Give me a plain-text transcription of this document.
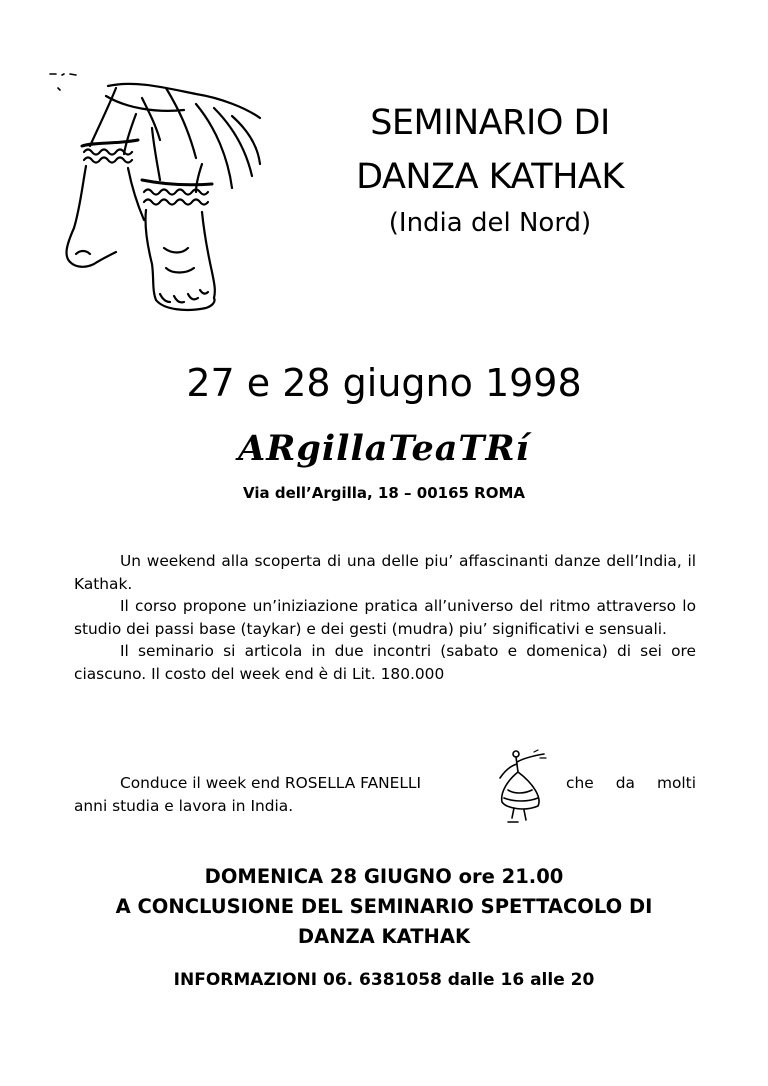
SEMINARIO DI
DANZA KATHAK
(India del Nord)
27 e 28 giugno 1998
ARgillaTeaTRí
Via dell’Argilla, 18 – 00165 ROMA

Un weekend alla scoperta di una delle piu’ affascinanti danze dell’India, il Kathak.

Il corso propone un’iniziazione pratica all’universo del ritmo attraverso lo studio dei passi base (taykar) e dei gesti (mudra) piu’ significativi e sensuali.

Il seminario si articola in due incontri (sabato e domenica) di sei ore ciascuno. Il costo del week end è di Lit. 180.000

Conduce il week end ROSELLA FANELLI	che da molti
anni studia e lavora in India.
DOMENICA 28 GIUGNO ore 21.00
A CONCLUSIONE DEL SEMINARIO SPETTACOLO DI
DANZA KATHAK
INFORMAZIONI 06. 6381058 dalle 16 alle 20
